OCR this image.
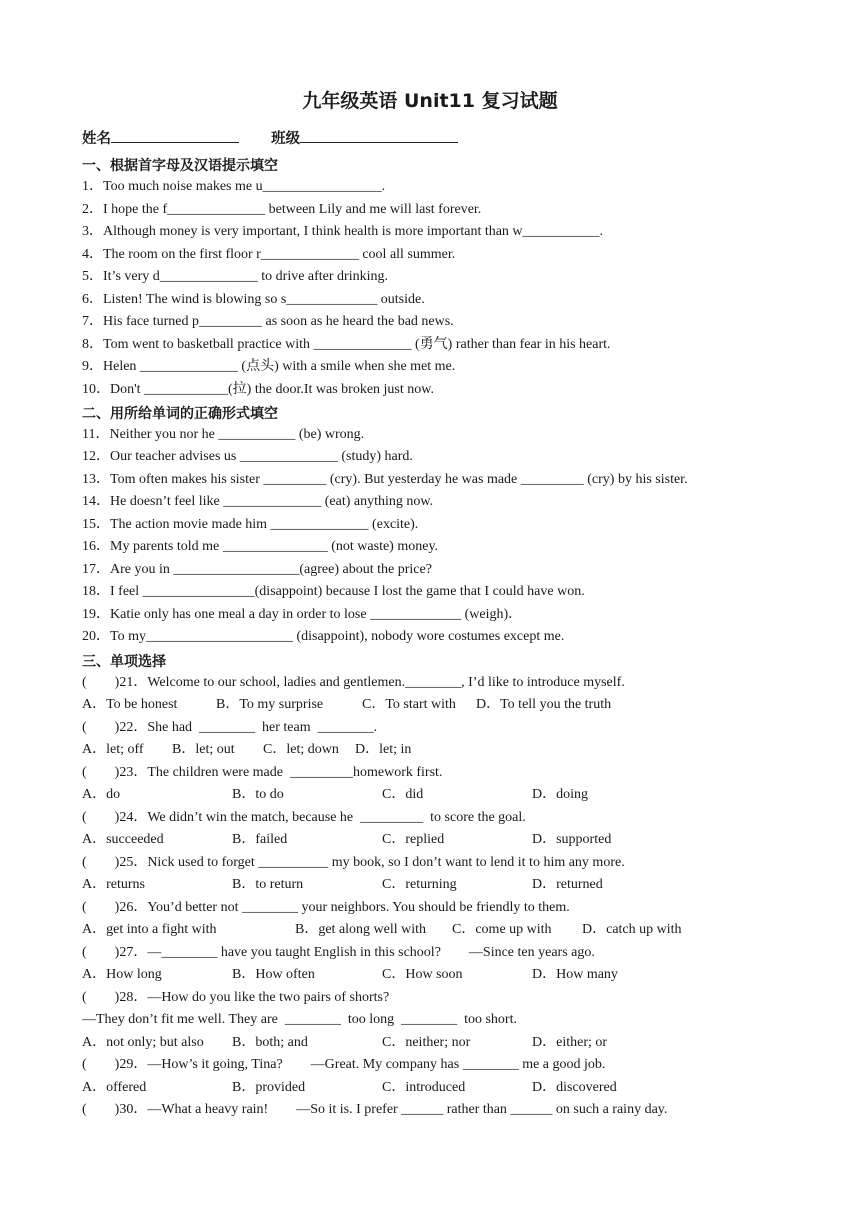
九年级英语 Unit11 复习试题
姓名	班级
一、根据首字母及汉语提示填空
1．Too much noise makes me u_________________.
2．I hope the f______________ between Lily and me will last forever.
3．Although money is very important, I think health is more important than w___________.
4．The room on the first floor r______________ cool all summer.
5．It’s very d______________ to drive after drinking.
6．Listen! The wind is blowing so s_____________ outside.
7．His face turned p_________ as soon as he heard the bad news.
8．Tom went to basketball practice with ______________ (勇气) rather than fear in his heart.
9．Helen ______________ (点头) with a smile when she met me.
10．Don't ____________(拉) the door.It was broken just now.
二、用所给单词的正确形式填空
11．Neither you nor he ___________ (be) wrong.
12．Our teacher advises us ______________ (study) hard.
13．Tom often makes his sister _________ (cry). But yesterday he was made _________ (cry) by his sister.
14．He doesn’t feel like ______________ (eat) anything now.
15．The action movie made him ______________ (excite).
16．My parents told me _______________ (not waste) money.
17．Are you in __________________(agree) about the price?
18．I feel ________________(disappoint) because I lost the game that I could have won.
19．Katie only has one meal a day in order to lose _____________ (weigh)．
20．To my_____________________ (disappoint), nobody wore costumes except me.
三、单项选择
(        )21．Welcome to our school, ladies and gentlemen.________, I’d like to introduce myself.
A．To be honest	B．To my surprise	C．To start with D．To tell you the truth
(        )22．She had  ________  her team  ________.
A．let; off B．let; out C．let; down D．let; in
(        )23．The children were made  _________homework first.
A．do	B．to do	C．did	D．doing
(        )24．We didn’t win the match, because he  _________  to score the goal.
A．succeeded	B．failed	C．replied	D．supported
(        )25．Nick used to forget __________ my book, so I don’t want to lend it to him any more.
A．returns	B．to return	C．returning	D．returned
(        )26．You’d better not ________ your neighbors. You should be friendly to them.
A．get into a fight with	B．get along well with C．come up with D．catch up with
(        )27．—________ have you taught English in this school?        —Since ten years ago.
A．How long	B．How often	C．How soon	D．How many
(        )28．—How do you like the two pairs of shorts?
—They don’t fit me well. They are  ________  too long  ________  too short.
A．not only; but also B．both; and	C．neither; nor	D．either; or
(        )29．—How’s it going, Tina?        —Great. My company has ________ me a good job.
A．offered	B．provided	C．introduced	D．discovered
(        )30．—What a heavy rain!        —So it is. I prefer ______ rather than ______ on such a rainy day.
